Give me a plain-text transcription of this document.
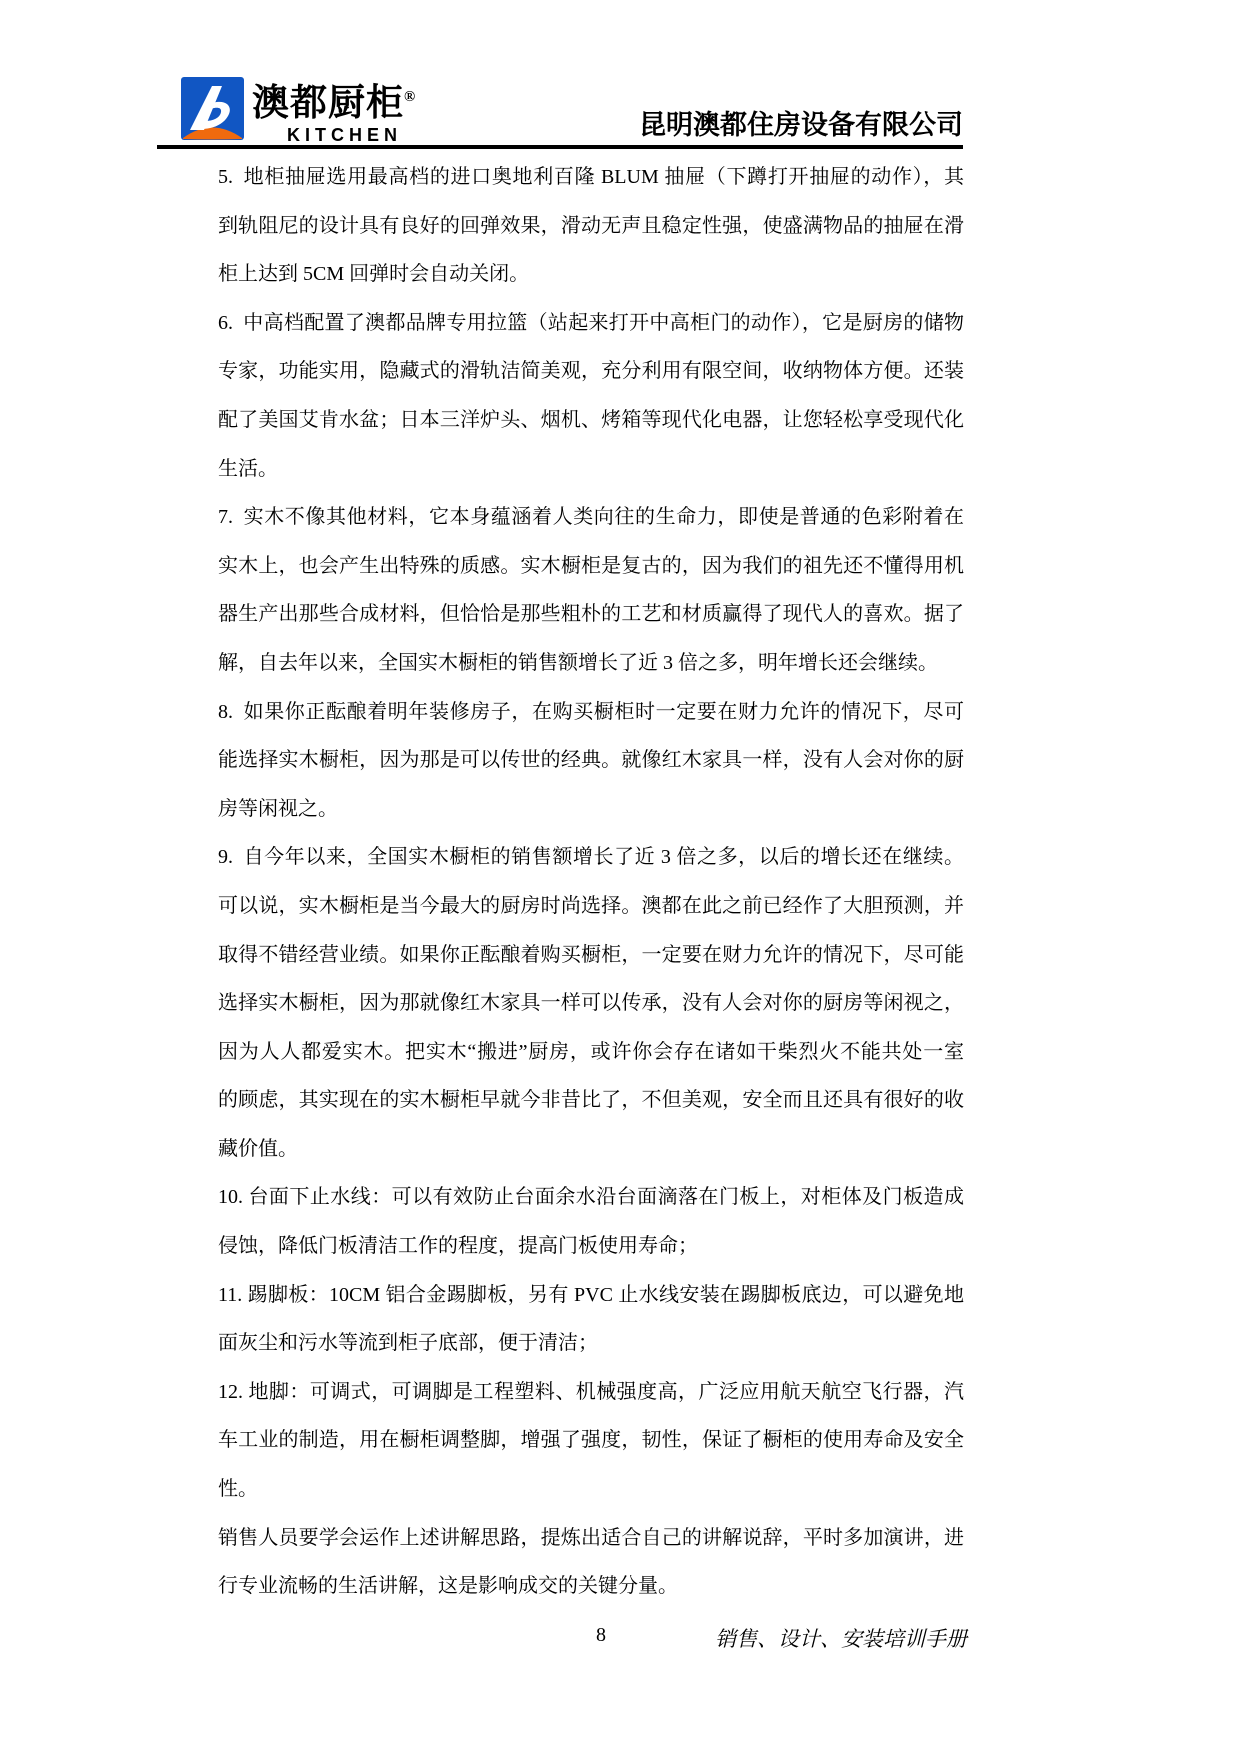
澳都厨柜®
KITCHEN	昆明澳都住房设备有限公司
5. 地柜抽屉选用最高档的进口奥地利百隆 BLUM 抽屉（下蹲打开抽屉的动作），其
到轨阻尼的设计具有良好的回弹效果，滑动无声且稳定性强，使盛满物品的抽屉在滑
柜上达到 5CM 回弹时会自动关闭。
6. 中高档配置了澳都品牌专用拉篮（站起来打开中高柜门的动作），它是厨房的储物
专家，功能实用，隐藏式的滑轨洁简美观，充分利用有限空间，收纳物体方便。还装
配了美国艾肯水盆；日本三洋炉头、烟机、烤箱等现代化电器，让您轻松享受现代化
生活。
7. 实木不像其他材料，它本身蕴涵着人类向往的生命力，即使是普通的色彩附着在
实木上，也会产生出特殊的质感。实木橱柜是复古的，因为我们的祖先还不懂得用机
器生产出那些合成材料，但恰恰是那些粗朴的工艺和材质赢得了现代人的喜欢。据了
解，自去年以来，全国实木橱柜的销售额增长了近 3 倍之多，明年增长还会继续。
8. 如果你正酝酿着明年装修房子，在购买橱柜时一定要在财力允许的情况下，尽可
能选择实木橱柜，因为那是可以传世的经典。就像红木家具一样，没有人会对你的厨
房等闲视之。
9. 自今年以来，全国实木橱柜的销售额增长了近 3 倍之多，以后的增长还在继续。
可以说，实木橱柜是当今最大的厨房时尚选择。澳都在此之前已经作了大胆预测，并
取得不错经营业绩。如果你正酝酿着购买橱柜，一定要在财力允许的情况下，尽可能
选择实木橱柜，因为那就像红木家具一样可以传承，没有人会对你的厨房等闲视之，
因为人人都爱实木。把实木“搬进”厨房，或许你会存在诸如干柴烈火不能共处一室
的顾虑，其实现在的实木橱柜早就今非昔比了，不但美观，安全而且还具有很好的收
藏价值。
10. 台面下止水线：可以有效防止台面余水沿台面滴落在门板上，对柜体及门板造成
侵蚀，降低门板清洁工作的程度，提高门板使用寿命；
11. 踢脚板：10CM 铝合金踢脚板，另有 PVC 止水线安装在踢脚板底边，可以避免地
面灰尘和污水等流到柜子底部，便于清洁；
12. 地脚：可调式，可调脚是工程塑料、机械强度高，广泛应用航天航空飞行器，汽
车工业的制造，用在橱柜调整脚，增强了强度，韧性，保证了橱柜的使用寿命及安全
性。
销售人员要学会运作上述讲解思路，提炼出适合自己的讲解说辞，平时多加演讲，进
行专业流畅的生活讲解，这是影响成交的关键分量。
8	销售、设计、安装培训手册
